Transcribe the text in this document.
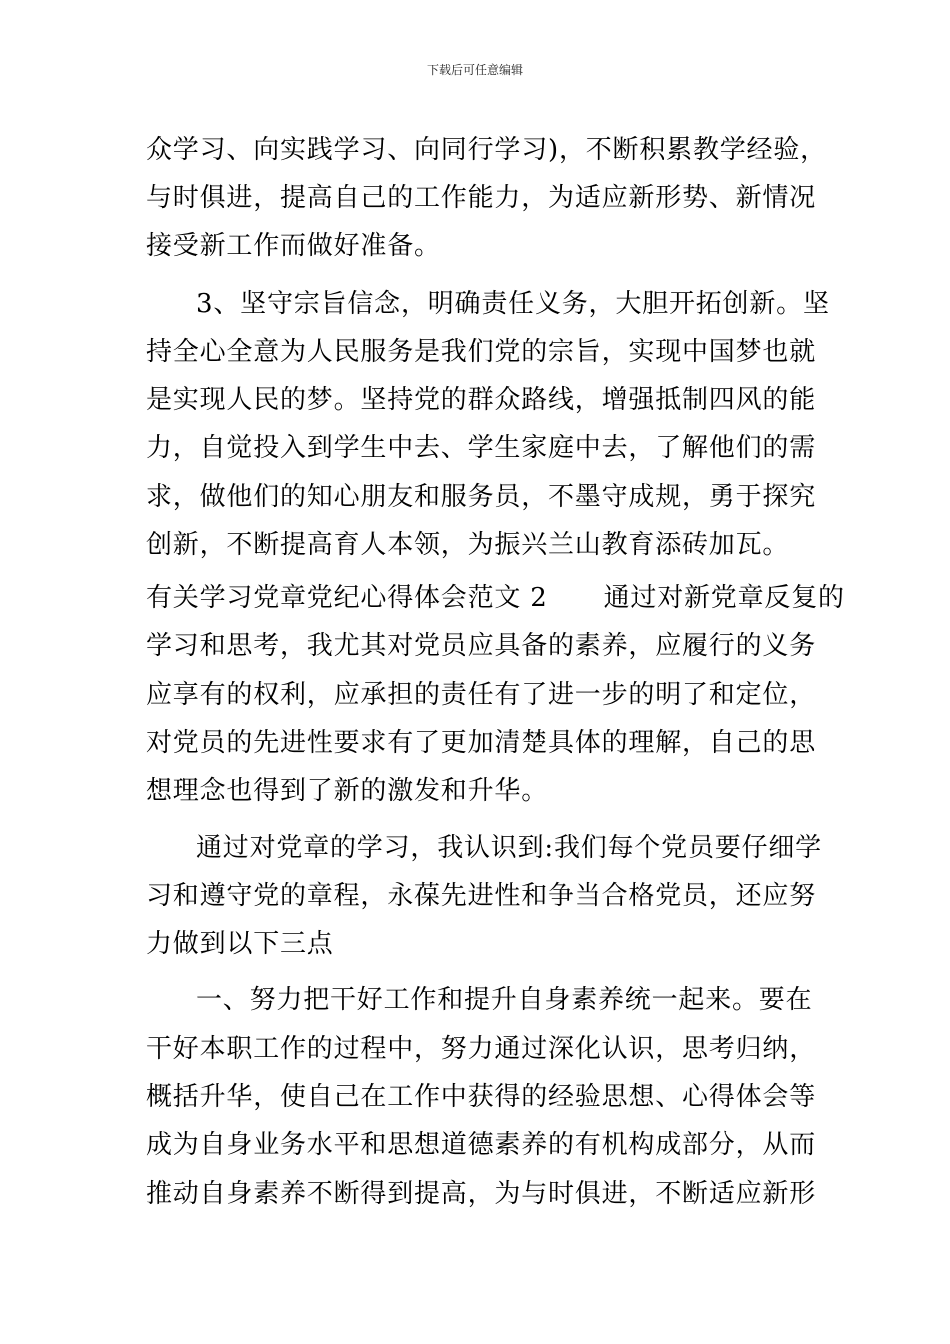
下载后可任意编辑
众学习、向实践学习、向同行学习)，不断积累教学经验，
与时俱进，提高自己的工作能力，为适应新形势、新情况
接受新工作而做好准备。
3、坚守宗旨信念，明确责任义务，大胆开拓创新。坚
持全心全意为人民服务是我们党的宗旨，实现中国梦也就
是实现人民的梦。坚持党的群众路线，增强抵制四风的能
力，自觉投入到学生中去、学生家庭中去，了解他们的需
求，做他们的知心朋友和服务员，不墨守成规，勇于探究
创新，不断提高育人本领，为振兴兰山教育添砖加瓦。
有关学习党章党纪心得体会范文 2 通过对新党章反复的
学习和思考，我尤其对党员应具备的素养，应履行的义务
应享有的权利，应承担的责任有了进一步的明了和定位，
对党员的先进性要求有了更加清楚具体的理解，自己的思
想理念也得到了新的激发和升华。
通过对党章的学习，我认识到:我们每个党员要仔细学
习和遵守党的章程，永葆先进性和争当合格党员，还应努
力做到以下三点
一、努力把干好工作和提升自身素养统一起来。要在
干好本职工作的过程中，努力通过深化认识，思考归纳，
概括升华，使自己在工作中获得的经验思想、心得体会等
成为自身业务水平和思想道德素养的有机构成部分，从而
推动自身素养不断得到提高，为与时俱进，不断适应新形
